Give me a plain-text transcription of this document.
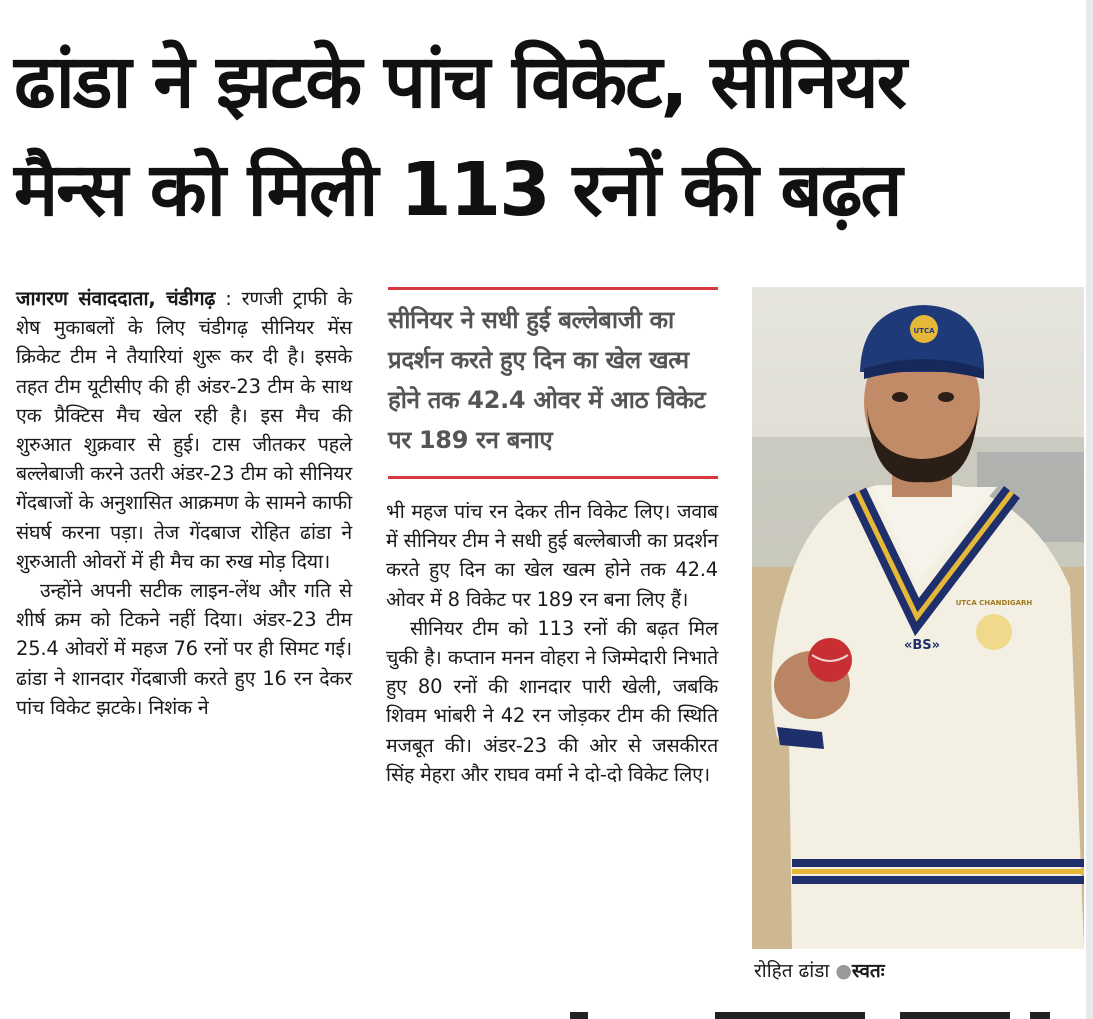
ढांडा ने झटके पांच विकेट, सीनियर
मैन्स को मिली 113 रनों की बढ़त
जागरण संवाददाता, चंडीगढ़ : रणजी ट्राफी के शेष मुकाबलों के लिए चंडीगढ़ सीनियर मेंस क्रिकेट टीम ने तैयारियां शुरू कर दी है। इसके तहत टीम यूटीसीए की ही अंडर-23 टीम के साथ एक प्रैक्टिस मैच खेल रही है। इस मैच की शुरुआत शुक्रवार से हुई। टास जीतकर पहले बल्लेबाजी करने उतरी अंडर-23 टीम को सीनियर गेंदबाजों के अनुशासित आक्रमण के सामने काफी संघर्ष करना पड़ा। तेज गेंदबाज रोहित ढांडा ने शुरुआती ओवरों में ही मैच का रुख मोड़ दिया।
उन्होंने अपनी सटीक लाइन-लेंथ और गति से शीर्ष क्रम को टिकने नहीं दिया। अंडर-23 टीम 25.4 ओवरों में महज 76 रनों पर ही सिमट गई। ढांडा ने शानदार गेंदबाजी करते हुए 16 रन देकर पांच विकेट झटके। निशंक ने

सीनियर ने सधी हुई बल्लेबाजी का प्रदर्शन करते हुए दिन का खेल खत्म होने तक 42.4 ओवर में आठ विकेट पर 189 रन बनाए

भी महज पांच रन देकर तीन विकेट लिए। जवाब में सीनियर टीम ने सधी हुई बल्लेबाजी का प्रदर्शन करते हुए दिन का खेल खत्म होने तक 42.4 ओवर में 8 विकेट पर 189 रन बना लिए हैं।
सीनियर टीम को 113 रनों की बढ़त मिल चुकी है। कप्तान मनन वोहरा ने जिम्मेदारी निभाते हुए 80 रनों की शानदार पारी खेली, जबकि शिवम भांबरी ने 42 रन जोड़कर टीम की स्थिति मजबूत की। अंडर-23 की ओर से जसकीरत सिंह मेहरा और राघव वर्मा ने दो-दो विकेट लिए।
UTCA
«BS»
UTCA CHANDIGARH

रोहित ढांडा ●स्वतः
